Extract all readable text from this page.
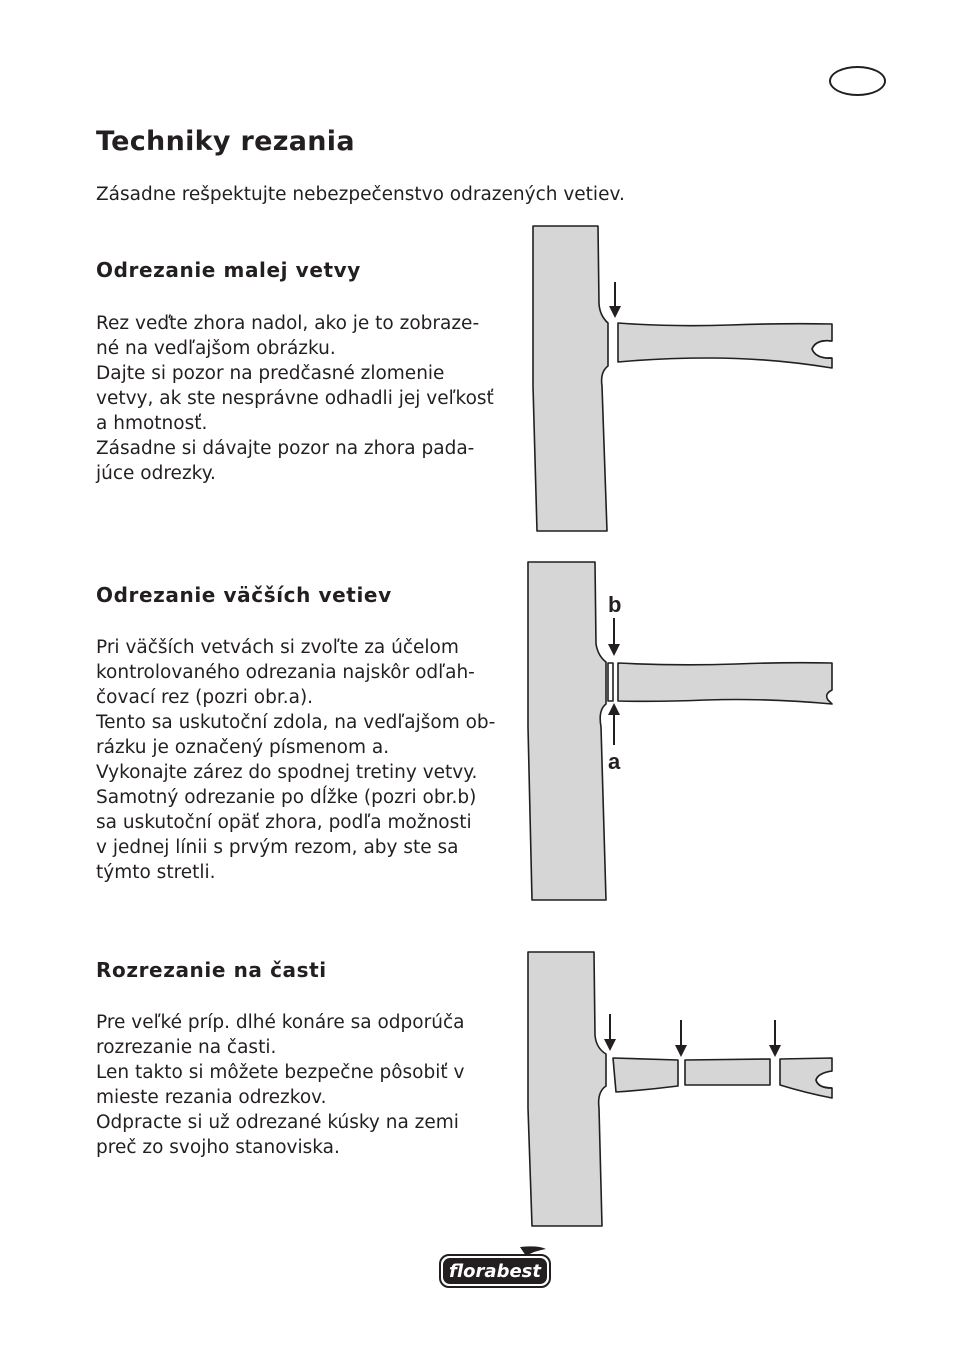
Techniky rezania
Zásadne rešpektujte nebezpečenstvo odrazených vetiev.
Odrezanie malej vetvy
Rez veďte zhora nadol, ako je to zobraze-
né na vedľajšom obrázku.
Dajte si pozor na predčasné zlomenie
vetvy, ak ste nesprávne odhadli jej veľkosť
a hmotnosť.
Zásadne si dávajte pozor na zhora pada-
júce odrezky.
Odrezanie väčších vetiev
Pri väčších vetvách si zvoľte za účelom
kontrolovaného odrezania najskôr odľah-
čovací rez (pozri obr.a).
Tento sa uskutoční zdola, na vedľajšom ob-
rázku je označený písmenom a.
Vykonajte zárez do spodnej tretiny vetvy.
Samotný odrezanie po dĺžke (pozri obr.b)
sa uskutoční opäť zhora, podľa možnosti
v jednej línii s prvým rezom, aby ste sa
týmto stretli.
Rozrezanie na časti
Pre veľké príp. dlhé konáre sa odporúča
rozrezanie na časti.
Len takto si môžete bezpečne pôsobiť v
mieste rezania odrezkov.
Odpracte si už odrezané kúsky na zemi
preč zo svojho stanoviska.
b
a
florabest
